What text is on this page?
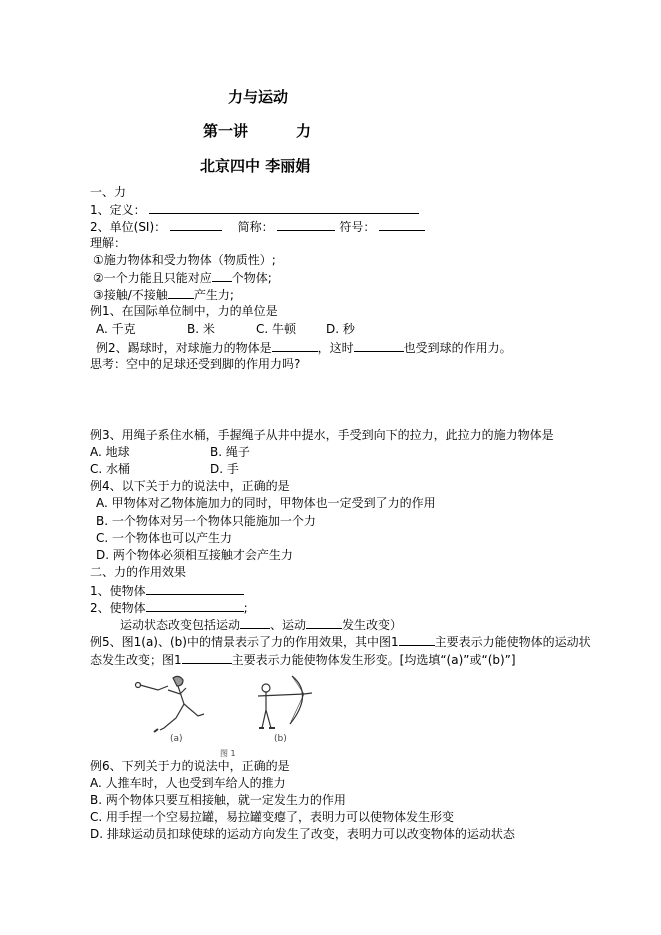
力与运动
第一讲	力
北京四中 李丽娟
一、力
1、定义：
2、单位(SI)：	简称：	符号：
理解：
①施力物体和受力物体（物质性）;
②一个力能且只能对应 个物体;
③接触/不接触 产生力;
例1、在国际单位制中，力的单位是
A. 千克	B. 米	C. 牛顿 D. 秒
例2、踢球时，对球施力的物体是	，这时	也受到球的作用力。
思考：空中的足球还受到脚的作用力吗?
例3、用绳子系住水桶，手握绳子从井中提水，手受到向下的拉力，此拉力的施力物体是
A. 地球	B. 绳子
C. 水桶	D. 手
例4、以下关于力的说法中，正确的是
A. 甲物体对乙物体施加力的同时，甲物体也一定受到了力的作用
B. 一个物体对另一个物体只能施加一个力
C. 一个物体也可以产生力
D. 两个物体必须相互接触才会产生力
二、力的作用效果
1、使物体
2、使物体	;
运动状态改变包括运动	、运动	发生改变）
例5、图1(a)、(b)中的情景表示了力的作用效果，其中图1	主要表示力能使物体的运动状
态发生改变；图1	主要表示力能使物体发生形变。[均选填“(a)”或“(b)”]
(a)	(b)
图 1
例6、下列关于力的说法中，正确的是
A. 人推车时，人也受到车给人的推力
B. 两个物体只要互相接触，就一定发生力的作用
C. 用手捏一个空易拉罐，易拉罐变瘪了，表明力可以使物体发生形变
D. 排球运动员扣球使球的运动方向发生了改变，表明力可以改变物体的运动状态
